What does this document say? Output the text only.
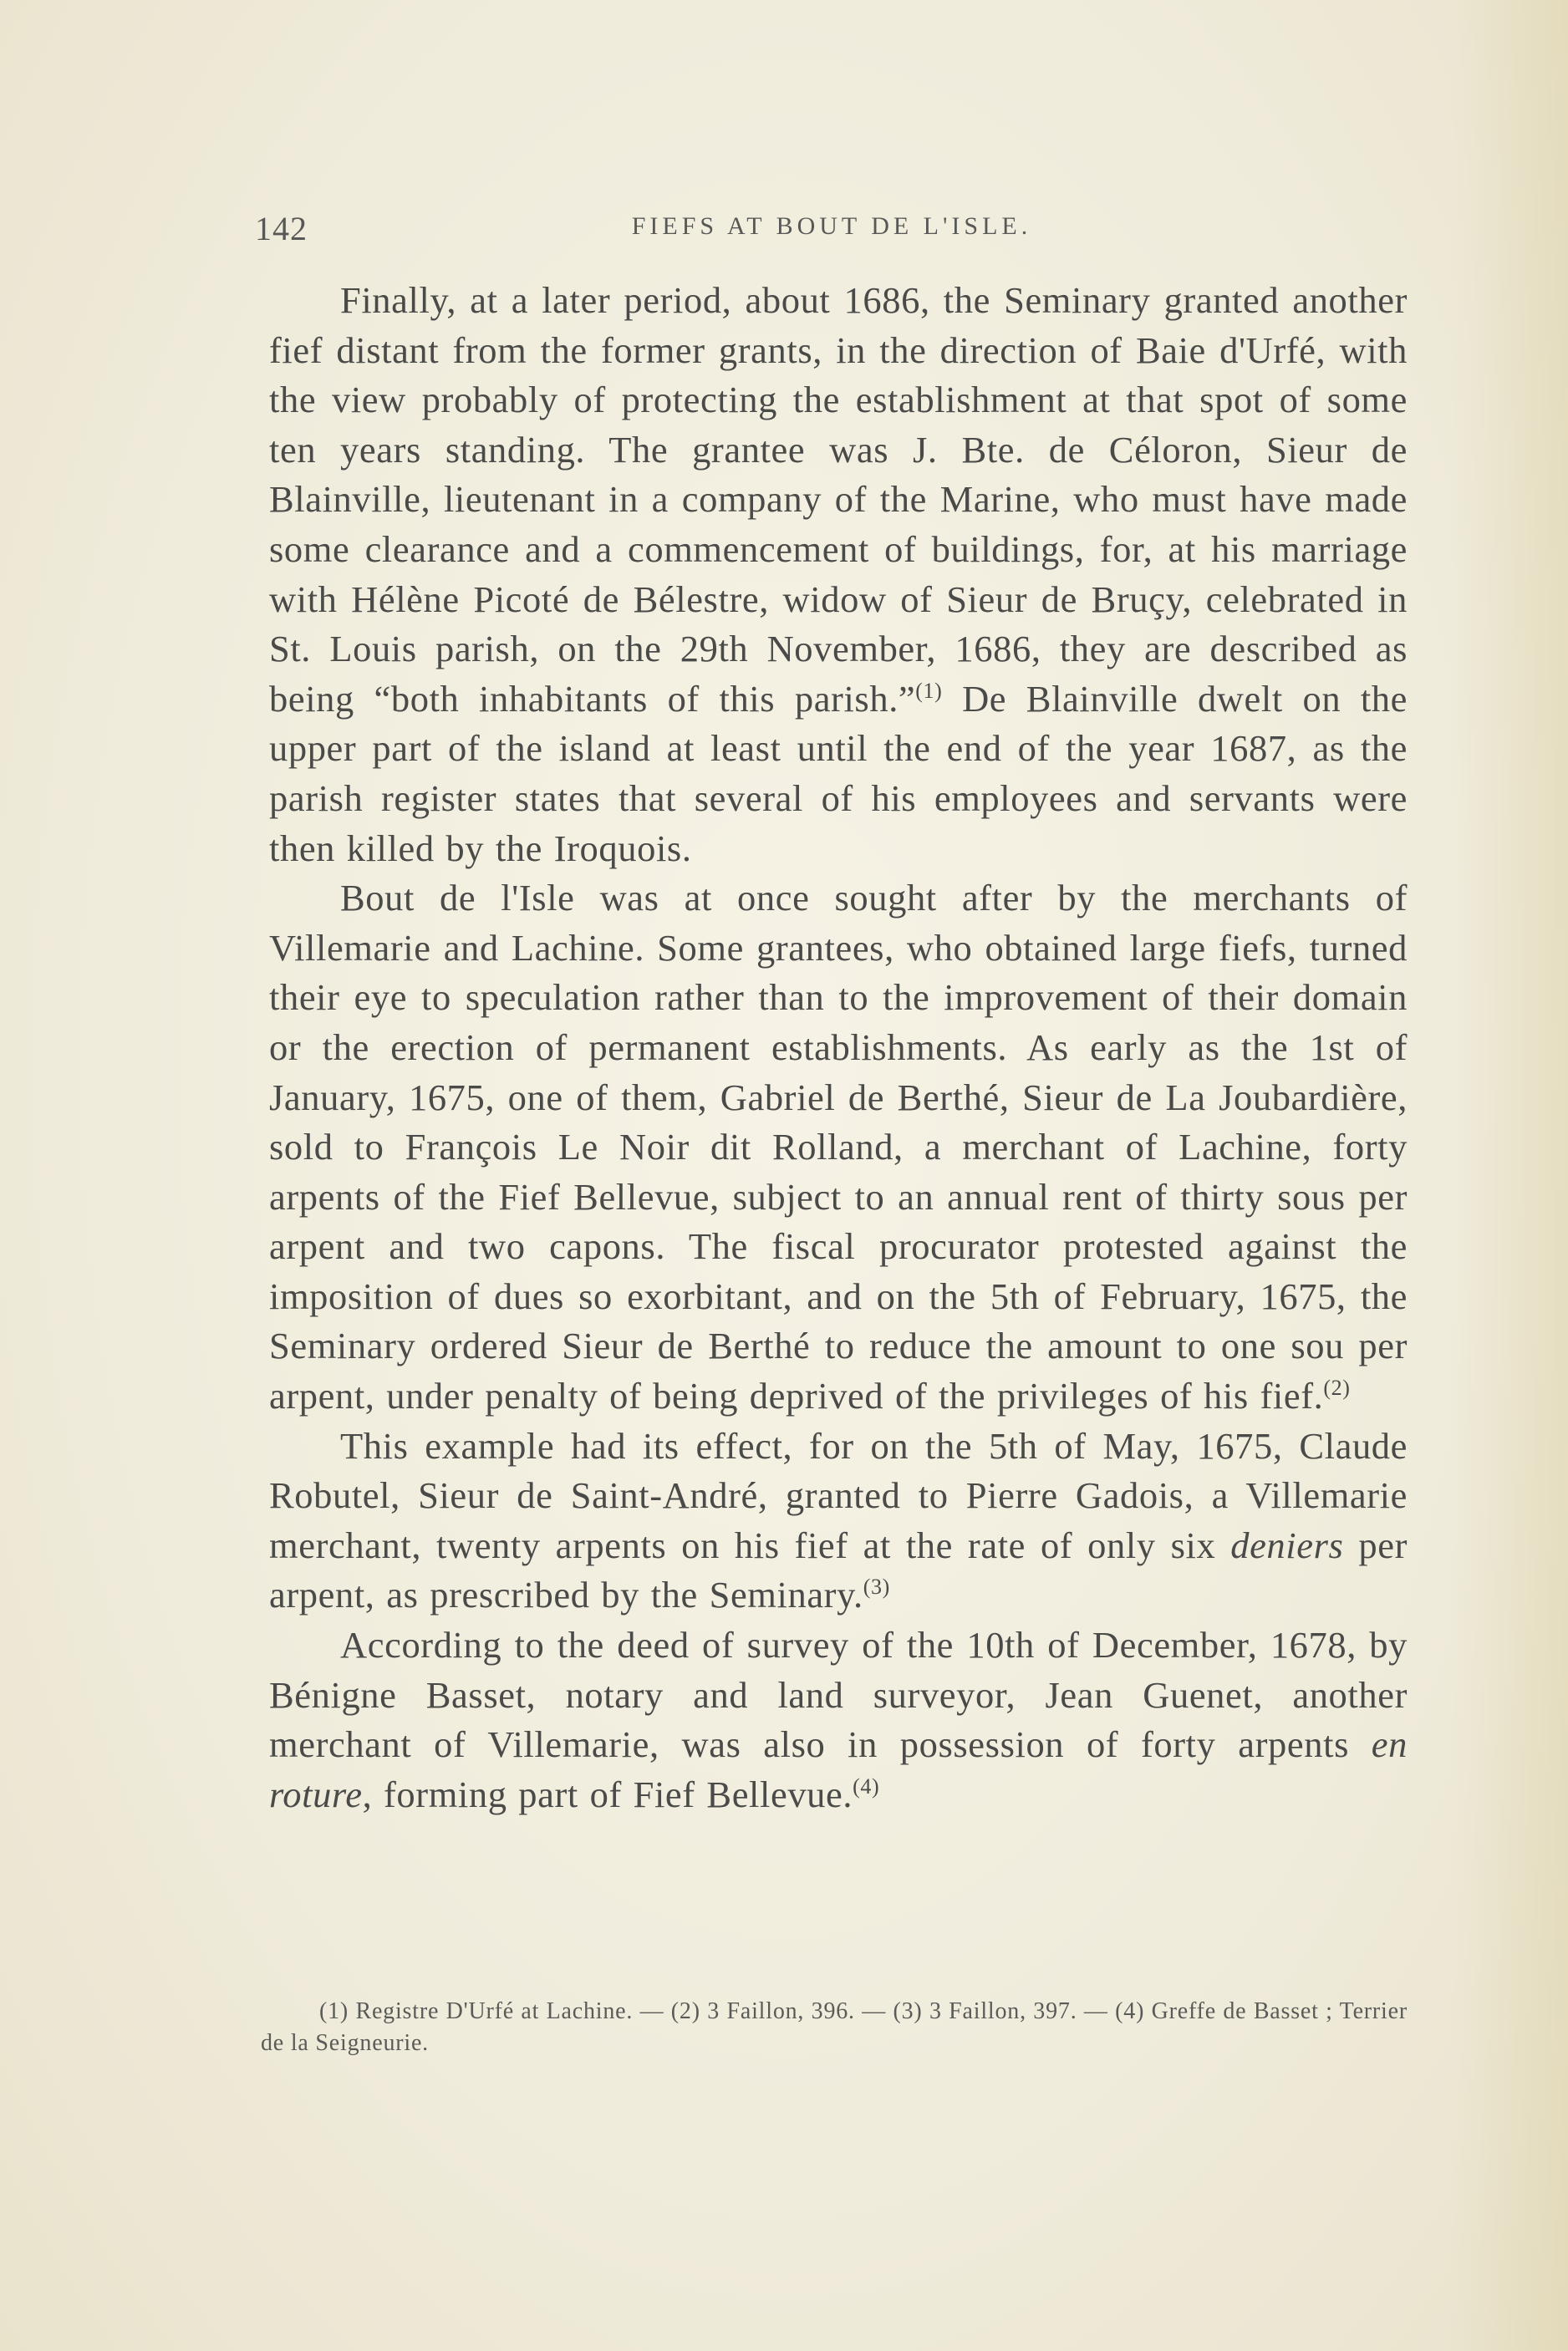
142	FIEFS AT BOUT DE L'ISLE.

Finally, at a later period, about 1686, the Seminary granted another fief distant from the former grants, in the direction of Baie d'Urfé, with the view probably of protecting the establishment at that spot of some ten years standing. The grantee was J. Bte. de Céloron, Sieur de Blainville, lieutenant in a company of the Marine, who must have made some clearance and a commencement of buildings, for, at his marriage with Hélène Picoté de Bélestre, widow of Sieur de Bruçy, celebrated in St. Louis parish, on the 29th November, 1686, they are described as being “both inhabitants of this parish.”$^{(1)}$ De Blainville dwelt on the upper part of the island at least until the end of the year 1687, as the parish register states that several of his employees and servants were then killed by the Iroquois.

Bout de l'Isle was at once sought after by the merchants of Villemarie and Lachine. Some grantees, who obtained large fiefs, turned their eye to speculation rather than to the improvement of their domain or the erection of permanent establishments. As early as the 1st of January, 1675, one of them, Gabriel de Berthé, Sieur de La Joubardière, sold to François Le Noir dit Rolland, a merchant of Lachine, forty arpents of the Fief Bellevue, subject to an annual rent of thirty sous per arpent and two capons. The fiscal procurator protested against the imposition of dues so exorbitant, and on the 5th of February, 1675, the Seminary ordered Sieur de Berthé to reduce the amount to one sou per arpent, under penalty of being deprived of the privileges of his fief.$^{(2)}$

This example had its effect, for on the 5th of May, 1675, Claude Robutel, Sieur de Saint-André, granted to Pierre Gadois, a Villemarie merchant, twenty arpents on his fief at the rate of only six deniers per arpent, as prescribed by the Seminary.$^{(3)}$

According to the deed of survey of the 10th of December, 1678, by Bénigne Basset, notary and land surveyor, Jean Guenet, another merchant of Villemarie, was also in possession of forty arpents en roture, forming part of Fief Bellevue.$^{(4)}$

(1) Registre D'Urfé at Lachine. — (2) 3 Faillon, 396. — (3) 3 Faillon, 397. — (4) Greffe de Basset ; Terrier de la Seigneurie.
